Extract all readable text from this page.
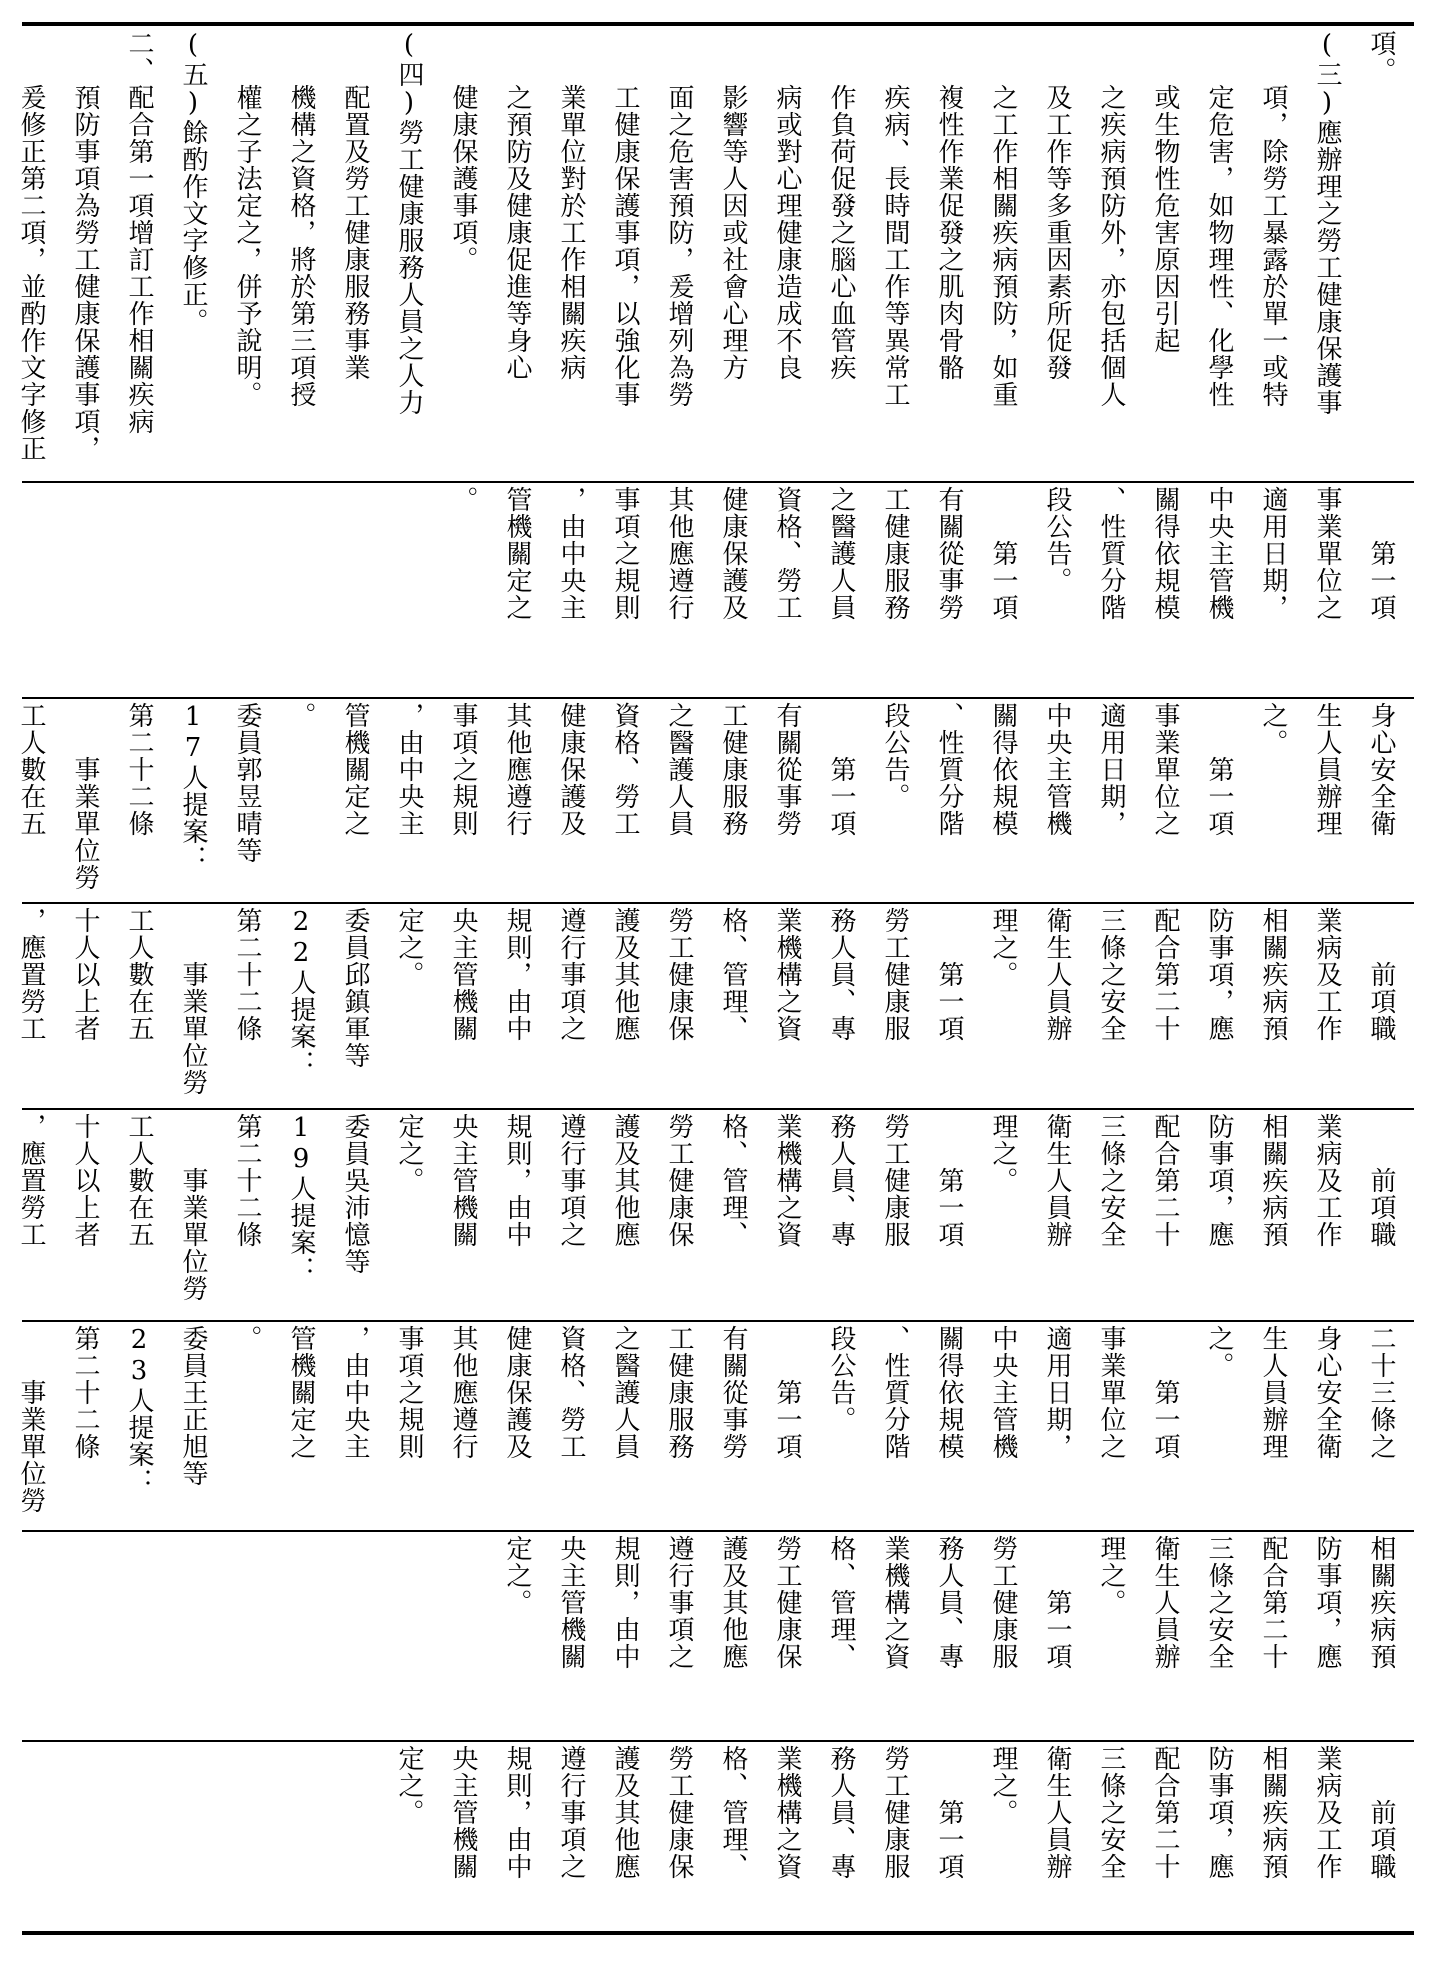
項。
(三)應辦理之勞工健康保護事
　　項，除勞工暴露於單一或特
　　定危害，如物理性、化學性
　　或生物性危害原因引起
　　之疾病預防外，亦包括個人
　　及工作等多重因素所促發
　　之工作相關疾病預防，如重
　　複性作業促發之肌肉骨骼
　　疾病、長時間工作等異常工
　　作負荷促發之腦心血管疾
　　病或對心理健康造成不良
　　影響等人因或社會心理方
　　面之危害預防，爰增列為勞
　　工健康保護事項，以強化事
　　業單位對於工作相關疾病
　　之預防及健康促進等身心
　　健康保護事項。
(四)勞工健康服務人員之人力
　　配置及勞工健康服務事業
　　機構之資格，將於第三項授
　　權之子法定之，併予說明。
(五)餘酌作文字修正。
二、配合第一項增訂工作相關疾病
　　預防事項為勞工健康保護事項，
　　爰修正第二項，並酌作文字修正
　　第一項
事業單位之
適用日期，
中央主管機
關得依規模
、性質分階
段公告。
　　第一項
有關從事勞
工健康服務
之醫護人員
資格、勞工
健康保護及
其他應遵行
事項之規則
，由中央主
管機關定之
。
身心安全衛
生人員辦理
之。
　　第一項
事業單位之
適用日期，
中央主管機
關得依規模
、性質分階
段公告。
　　第一項
有關從事勞
工健康服務
之醫護人員
資格、勞工
健康保護及
其他應遵行
事項之規則
，由中央主
管機關定之
。
委員郭昱晴等
17人提案：
第二十二條
　　事業單位勞
工人數在五
　　前項職
業病及工作
相關疾病預
防事項，應
配合第二十
三條之安全
衛生人員辦
理之。
　　第一項
勞工健康服
務人員、專
業機構之資
格、管理、
勞工健康保
護及其他應
遵行事項之
規則，由中
央主管機關
定之。
委員邱鎮軍等
22人提案：
第二十二條
　　事業單位勞
工人數在五
十人以上者
，應置勞工
　　前項職
業病及工作
相關疾病預
防事項，應
配合第二十
三條之安全
衛生人員辦
理之。
　　第一項
勞工健康服
務人員、專
業機構之資
格、管理、
勞工健康保
護及其他應
遵行事項之
規則，由中
央主管機關
定之。
委員吳沛憶等
19人提案：
第二十二條
　　事業單位勞
工人數在五
十人以上者
，應置勞工
二十三條之
身心安全衛
生人員辦理
之。
　　第一項
事業單位之
適用日期，
中央主管機
關得依規模
、性質分階
段公告。
　　第一項
有關從事勞
工健康服務
之醫護人員
資格、勞工
健康保護及
其他應遵行
事項之規則
，由中央主
管機關定之
。
委員王正旭等
23人提案：
第二十二條
　　事業單位勞
相關疾病預
防事項，應
配合第二十
三條之安全
衛生人員辦
理之。
　　第一項
勞工健康服
務人員、專
業機構之資
格、管理、
勞工健康保
護及其他應
遵行事項之
規則，由中
央主管機關
定之。
　　前項職
業病及工作
相關疾病預
防事項，應
配合第二十
三條之安全
衛生人員辦
理之。
　　第一項
勞工健康服
務人員、專
業機構之資
格、管理、
勞工健康保
護及其他應
遵行事項之
規則，由中
央主管機關
定之。
